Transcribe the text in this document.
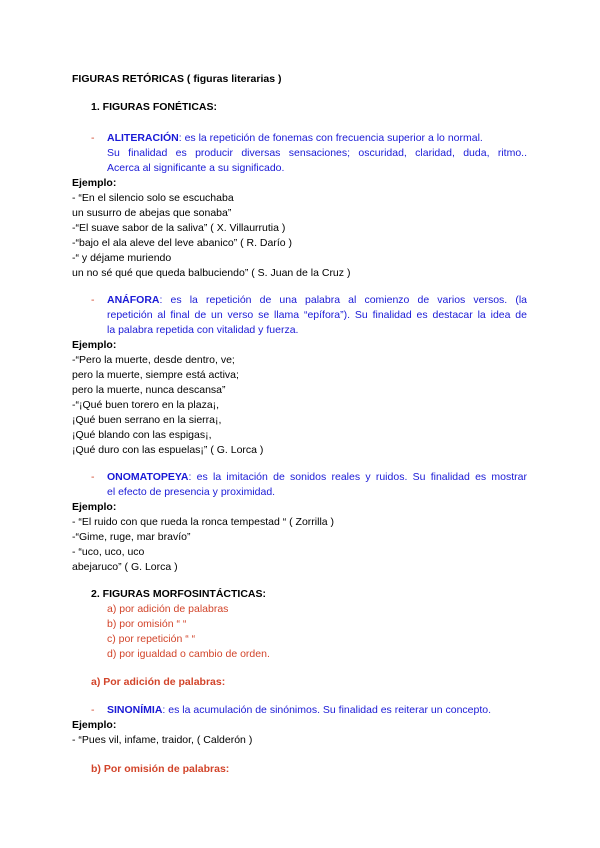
FIGURAS RETÓRICAS ( figuras literarias )
1. FIGURAS FONÉTICAS:
- ALITERACIÓN: es la repetición de fonemas con frecuencia superior a lo normal.
Su finalidad es producir diversas sensaciones; oscuridad, claridad, duda, ritmo..
Acerca al significante a su significado.
Ejemplo:
- “En el silencio solo se escuchaba
un susurro de abejas que sonaba”
-“El suave sabor de la saliva” ( X. Villaurrutia )
-“bajo el ala aleve del leve abanico” ( R. Darío )
-“ y déjame muriendo
un no sé qué que queda balbuciendo” ( S. Juan de la Cruz )
- ANÁFORA: es la repetición de una palabra al comienzo de varios versos. (la
repetición al final de un verso se llama “epífora”). Su finalidad es destacar la idea de
la palabra repetida con vitalidad y fuerza.
Ejemplo:
-“Pero la muerte, desde dentro, ve;
pero la muerte, siempre está activa;
pero la muerte, nunca descansa”
-“¡Qué buen torero en la plaza¡,
¡Qué buen serrano en la sierra¡,
¡Qué blando con las espigas¡,
¡Qué duro con las espuelas¡” ( G. Lorca )
- ONOMATOPEYA: es la imitación de sonidos reales y ruidos. Su finalidad es mostrar
el efecto de presencia y proximidad.
Ejemplo:
- “El ruido con que rueda la ronca tempestad “ ( Zorrilla )
-“Gime, ruge, mar bravío”
- “uco, uco, uco
abejaruco” ( G. Lorca )
2. FIGURAS MORFOSINTÁCTICAS:
a) por adición de palabras
b) por omisión “ “
c) por repetición “ “
d) por igualdad o cambio de orden.
a) Por adición de palabras:
- SINONÍMIA: es la acumulación de sinónimos. Su finalidad es reiterar un concepto.
Ejemplo:
- “Pues vil, infame, traidor, ( Calderón )
b) Por omisión de palabras:
